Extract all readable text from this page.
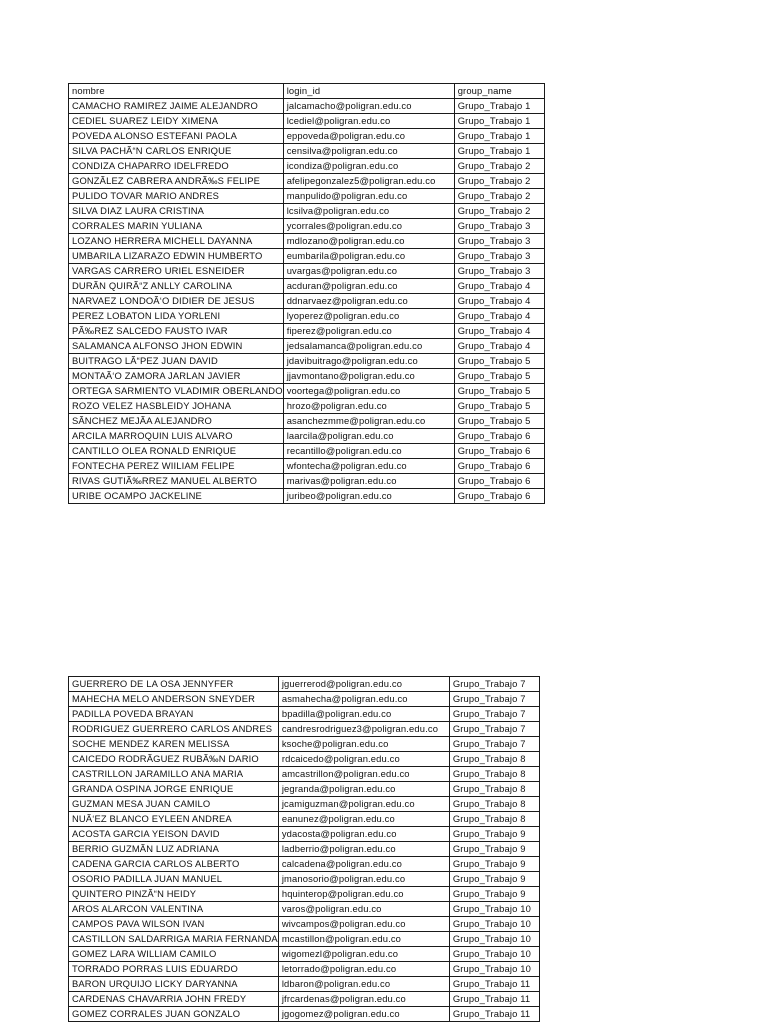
nombre	login_id	group_name
CAMACHO RAMIREZ JAIME ALEJANDRO	jalcamacho@poligran.edu.co	Grupo_Trabajo 1
CEDIEL SUAREZ LEIDY XIMENA	lcediel@poligran.edu.co	Grupo_Trabajo 1
POVEDA ALONSO ESTEFANI PAOLA	eppoveda@poligran.edu.co	Grupo_Trabajo 1
SILVA PACHÃ“N CARLOS ENRIQUE	censilva@poligran.edu.co	Grupo_Trabajo 1
CONDIZA CHAPARRO IDELFREDO	icondiza@poligran.edu.co	Grupo_Trabajo 2
GONZÃLEZ CABRERA ANDRÃ‰S FELIPE	afelipegonzalez5@poligran.edu.co	Grupo_Trabajo 2
PULIDO TOVAR MARIO ANDRES	manpulido@poligran.edu.co	Grupo_Trabajo 2
SILVA DIAZ LAURA CRISTINA	lcsilva@poligran.edu.co	Grupo_Trabajo 2
CORRALES MARIN YULIANA	ycorrales@poligran.edu.co	Grupo_Trabajo 3
LOZANO HERRERA MICHELL DAYANNA	mdlozano@poligran.edu.co	Grupo_Trabajo 3
UMBARILA LIZARAZO EDWIN HUMBERTO	eumbarila@poligran.edu.co	Grupo_Trabajo 3
VARGAS CARRERO URIEL ESNEIDER	uvargas@poligran.edu.co	Grupo_Trabajo 3
DURÃN QUIRÃ“Z ANLLY CAROLINA	acduran@poligran.edu.co	Grupo_Trabajo 4
NARVAEZ LONDOÃ‘O DIDIER DE JESUS	ddnarvaez@poligran.edu.co	Grupo_Trabajo 4
PEREZ LOBATON LIDA YORLENI	lyoperez@poligran.edu.co	Grupo_Trabajo 4
PÃ‰REZ SALCEDO FAUSTO IVAR	fiperez@poligran.edu.co	Grupo_Trabajo 4
SALAMANCA ALFONSO JHON EDWIN	jedsalamanca@poligran.edu.co	Grupo_Trabajo 4
BUITRAGO LÃ“PEZ JUAN DAVID	jdavibuitrago@poligran.edu.co	Grupo_Trabajo 5
MONTAÃ‘O ZAMORA JARLAN JAVIER	jjavmontano@poligran.edu.co	Grupo_Trabajo 5
ORTEGA SARMIENTO VLADIMIR OBERLANDO	voortega@poligran.edu.co	Grupo_Trabajo 5
ROZO VELEZ HASBLEIDY JOHANA	hrozo@poligran.edu.co	Grupo_Trabajo 5
SÃNCHEZ MEJÃA ALEJANDRO	asanchezmme@poligran.edu.co	Grupo_Trabajo 5
ARCILA MARROQUIN LUIS ALVARO	laarcila@poligran.edu.co	Grupo_Trabajo 6
CANTILLO OLEA RONALD ENRIQUE	recantillo@poligran.edu.co	Grupo_Trabajo 6
FONTECHA PEREZ WIILIAM FELIPE	wfontecha@poligran.edu.co	Grupo_Trabajo 6
RIVAS GUTIÃ‰RREZ MANUEL ALBERTO	marivas@poligran.edu.co	Grupo_Trabajo 6
URIBE OCAMPO JACKELINE	juribeo@poligran.edu.co	Grupo_Trabajo 6
GUERRERO DE LA OSA JENNYFER	jguerrerod@poligran.edu.co	Grupo_Trabajo 7
MAHECHA MELO ANDERSON SNEYDER	asmahecha@poligran.edu.co	Grupo_Trabajo 7
PADILLA POVEDA BRAYAN	bpadilla@poligran.edu.co	Grupo_Trabajo 7
RODRIGUEZ GUERRERO CARLOS ANDRES	candresrodriguez3@poligran.edu.co	Grupo_Trabajo 7
SOCHE MENDEZ KAREN MELISSA	ksoche@poligran.edu.co	Grupo_Trabajo 7
CAICEDO RODRÃGUEZ RUBÃ‰N DARIO	rdcaicedo@poligran.edu.co	Grupo_Trabajo 8
CASTRILLON JARAMILLO ANA MARIA	amcastrillon@poligran.edu.co	Grupo_Trabajo 8
GRANDA OSPINA JORGE ENRIQUE	jegranda@poligran.edu.co	Grupo_Trabajo 8
GUZMAN MESA JUAN CAMILO	jcamiguzman@poligran.edu.co	Grupo_Trabajo 8
NUÃ‘EZ BLANCO EYLEEN ANDREA	eanunez@poligran.edu.co	Grupo_Trabajo 8
ACOSTA GARCIA YEISON DAVID	ydacosta@poligran.edu.co	Grupo_Trabajo 9
BERRIO GUZMÃN LUZ ADRIANA	ladberrio@poligran.edu.co	Grupo_Trabajo 9
CADENA GARCIA CARLOS ALBERTO	calcadena@poligran.edu.co	Grupo_Trabajo 9
OSORIO PADILLA JUAN MANUEL	jmanosorio@poligran.edu.co	Grupo_Trabajo 9
QUINTERO PINZÃ“N HEIDY	hquinterop@poligran.edu.co	Grupo_Trabajo 9
AROS ALARCON VALENTINA	varos@poligran.edu.co	Grupo_Trabajo 10
CAMPOS PAVA WILSON IVAN	wivcampos@poligran.edu.co	Grupo_Trabajo 10
CASTILLON SALDARRIGA MARIA FERNANDA	mcastillon@poligran.edu.co	Grupo_Trabajo 10
GOMEZ LARA WILLIAM CAMILO	wigomezl@poligran.edu.co	Grupo_Trabajo 10
TORRADO PORRAS LUIS EDUARDO	letorrado@poligran.edu.co	Grupo_Trabajo 10
BARON URQUIJO LICKY DARYANNA	ldbaron@poligran.edu.co	Grupo_Trabajo 11
CARDENAS CHAVARRIA JOHN FREDY	jfrcardenas@poligran.edu.co	Grupo_Trabajo 11
GOMEZ CORRALES JUAN GONZALO	jgogomez@poligran.edu.co	Grupo_Trabajo 11
